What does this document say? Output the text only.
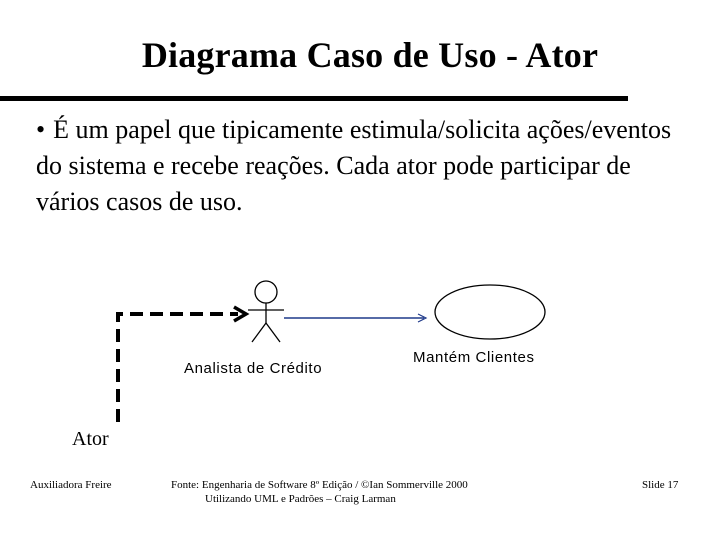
Diagrama Caso de Uso - Ator
• É um papel que tipicamente estimula/solicita ações/eventos do sistema e recebe reações. Cada ator pode participar de vários casos de uso.
Analista de Crédito
Mantém Clientes
Ator
Auxiliadora Freire	Fonte: Engenharia de Software 8º Edição / ©Ian Sommerville 2000
Utilizando UML e Padrões – Craig Larman
Slide 17
